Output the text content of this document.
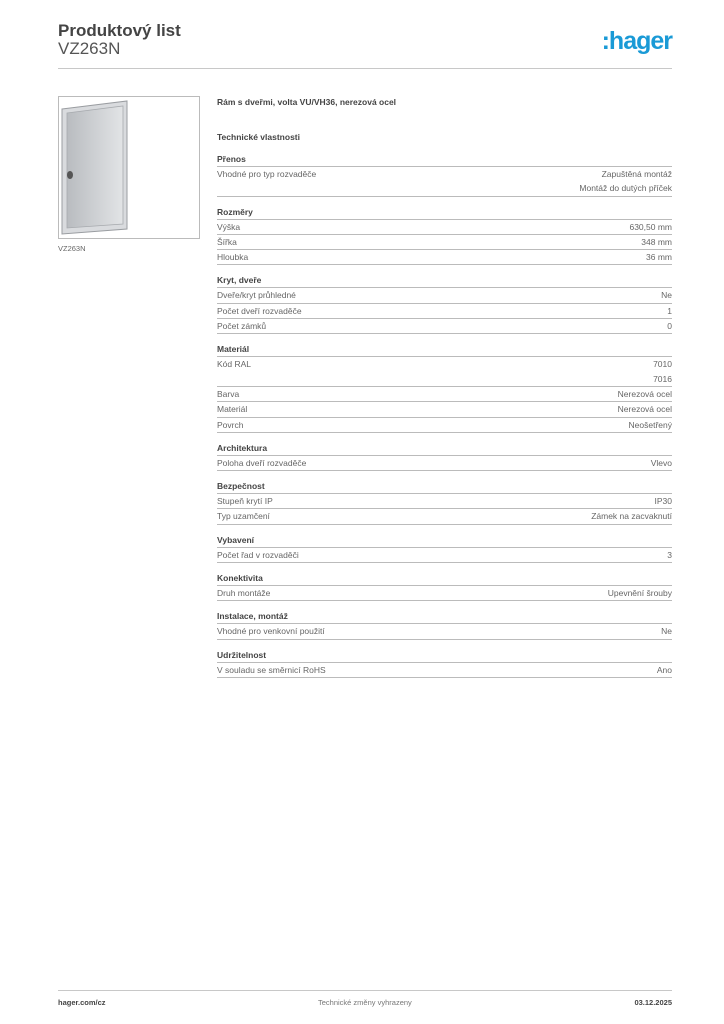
Produktový list
VZ263N	:hager
VZ263N
Rám s dveřmi, volta VU/VH36, nerezová ocel
Technické vlastnosti
Přenos
Vhodné pro typ rozvaděče	Zapuštěná montáž
Montáž do dutých příček
Rozměry
Výška	630,50 mm
Šířka	348 mm
Hloubka	36 mm
Kryt, dveře
Dveře/kryt průhledné	Ne
Počet dveří rozvaděče	1
Počet zámků	0
Materiál
Kód RAL	7010
7016
Barva	Nerezová ocel
Materiál	Nerezová ocel
Povrch	Neošetřený
Architektura
Poloha dveří rozvaděče	Vlevo
Bezpečnost
Stupeň krytí IP	IP30
Typ uzamčení	Zámek na zacvaknutí
Vybavení
Počet řad v rozvaděči	3
Konektivita
Druh montáže	Upevnění šrouby
Instalace, montáž
Vhodné pro venkovní použití	Ne
Udržitelnost
V souladu se směrnicí RoHS	Ano
hager.com/cz	Technické změny vyhrazeny	03.12.2025
